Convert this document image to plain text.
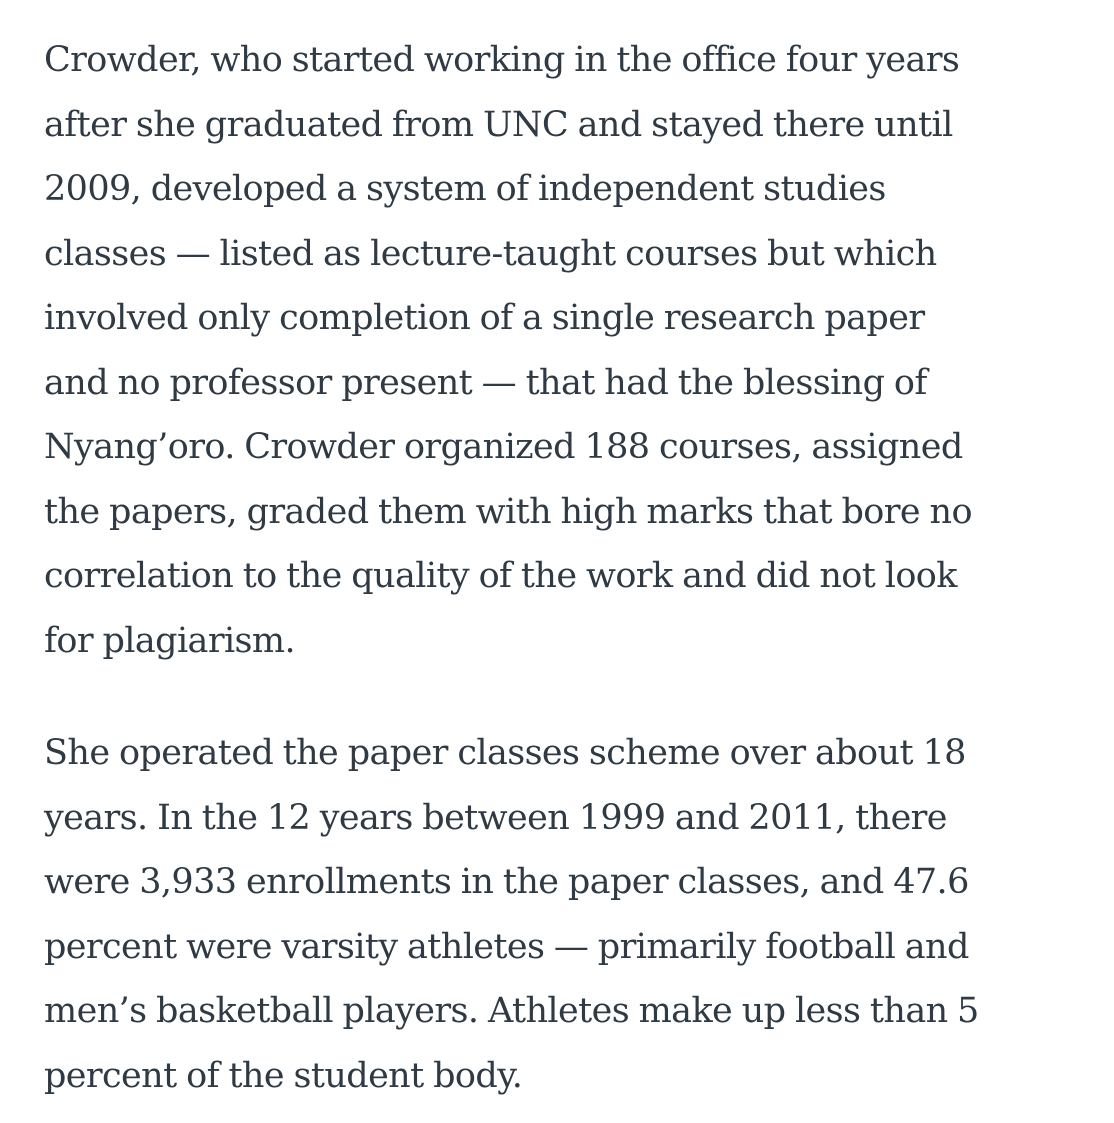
Crowder, who started working in the office four years
after she graduated from UNC and stayed there until
2009, developed a system of independent studies
classes — listed as lecture-taught courses but which
involved only completion of a single research paper
and no professor present — that had the blessing of
Nyang’oro. Crowder organized 188 courses, assigned
the papers, graded them with high marks that bore no
correlation to the quality of the work and did not look
for plagiarism.

She operated the paper classes scheme over about 18
years. In the 12 years between 1999 and 2011, there
were 3,933 enrollments in the paper classes, and 47.6
percent were varsity athletes — primarily football and
men’s basketball players. Athletes make up less than 5
percent of the student body.
